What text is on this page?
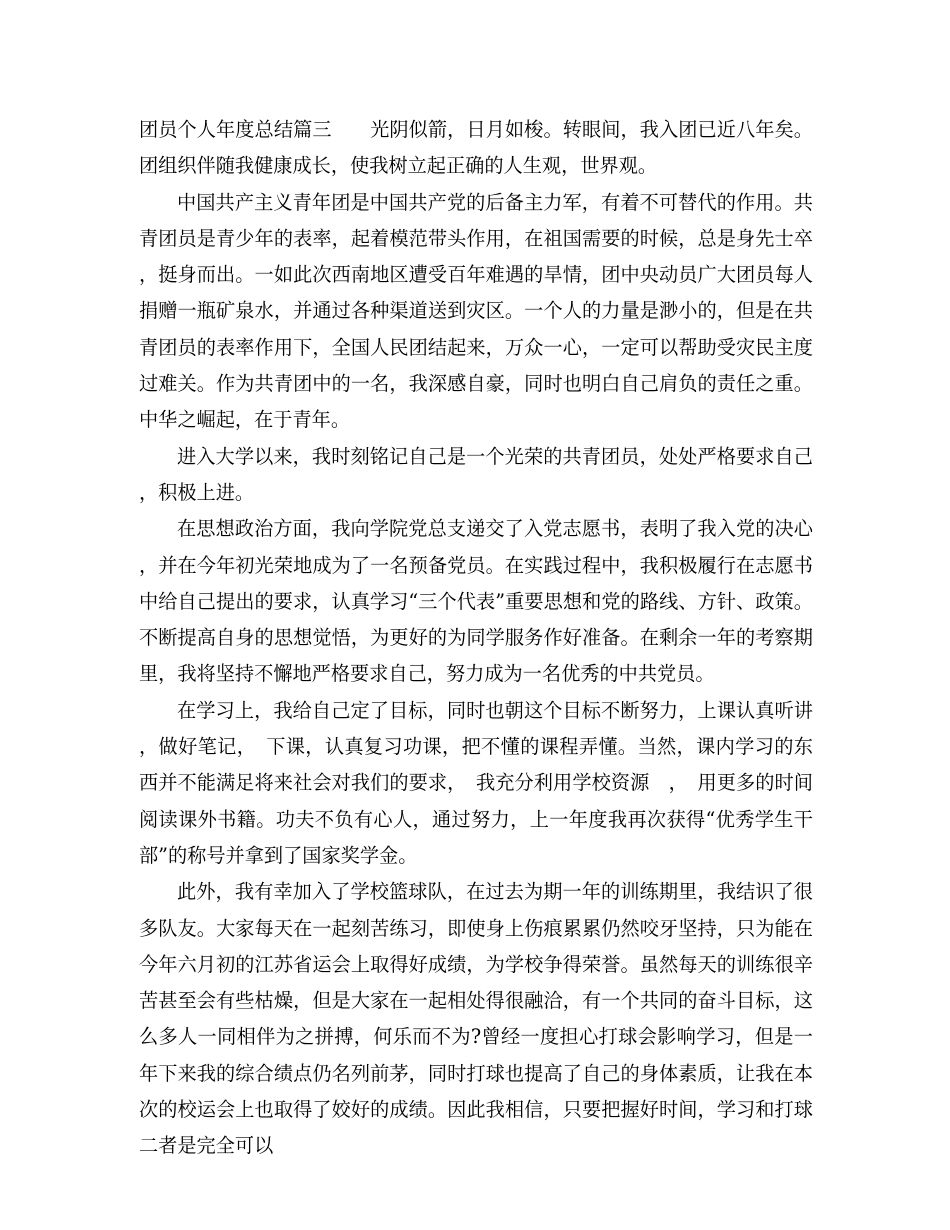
团员个人年度总结篇三　　光阴似箭，日月如梭。转眼间，我入团已近八年矣。团组织伴随我健康成长，使我树立起正确的人生观，世界观。

中国共产主义青年团是中国共产党的后备主力军，有着不可替代的作用。共青团员是青少年的表率，起着模范带头作用，在祖国需要的时候，总是身先士卒，挺身而出。一如此次西南地区遭受百年难遇的旱情，团中央动员广大团员每人捐赠一瓶矿泉水，并通过各种渠道送到灾区。一个人的力量是渺小的，但是在共青团员的表率作用下，全国人民团结起来，万众一心，一定可以帮助受灾民主度过难关。作为共青团中的一名，我深感自豪，同时也明白自己肩负的责任之重。中华之崛起，在于青年。

进入大学以来，我时刻铭记自己是一个光荣的共青团员，处处严格要求自己，积极上进。

在思想政治方面，我向学院党总支递交了入党志愿书，表明了我入党的决心，并在今年初光荣地成为了一名预备党员。在实践过程中，我积极履行在志愿书中给自己提出的要求，认真学习“三个代表”重要思想和党的路线、方针、政策。不断提高自身的思想觉悟，为更好的为同学服务作好准备。在剩余一年的考察期里，我将坚持不懈地严格要求自己，努力成为一名优秀的中共党员。

在学习上，我给自己定了目标，同时也朝这个目标不断努力，上课认真听讲，做好笔记，　下课，认真复习功课，把不懂的课程弄懂。当然，课内学习的东西并不能满足将来社会对我们的要求，　我充分利用学校资源　，　用更多的时间阅读课外书籍。功夫不负有心人，通过努力，上一年度我再次获得“优秀学生干部”的称号并拿到了国家奖学金。

此外，我有幸加入了学校篮球队，在过去为期一年的训练期里，我结识了很多队友。大家每天在一起刻苦练习，即使身上伤痕累累仍然咬牙坚持，只为能在今年六月初的江苏省运会上取得好成绩，为学校争得荣誉。虽然每天的训练很辛苦甚至会有些枯燥，但是大家在一起相处得很融洽，有一个共同的奋斗目标，这么多人一同相伴为之拼搏，何乐而不为?曾经一度担心打球会影响学习，但是一年下来我的综合绩点仍名列前茅，同时打球也提高了自己的身体素质，让我在本次的校运会上也取得了姣好的成绩。因此我相信，只要把握好时间，学习和打球二者是完全可以
